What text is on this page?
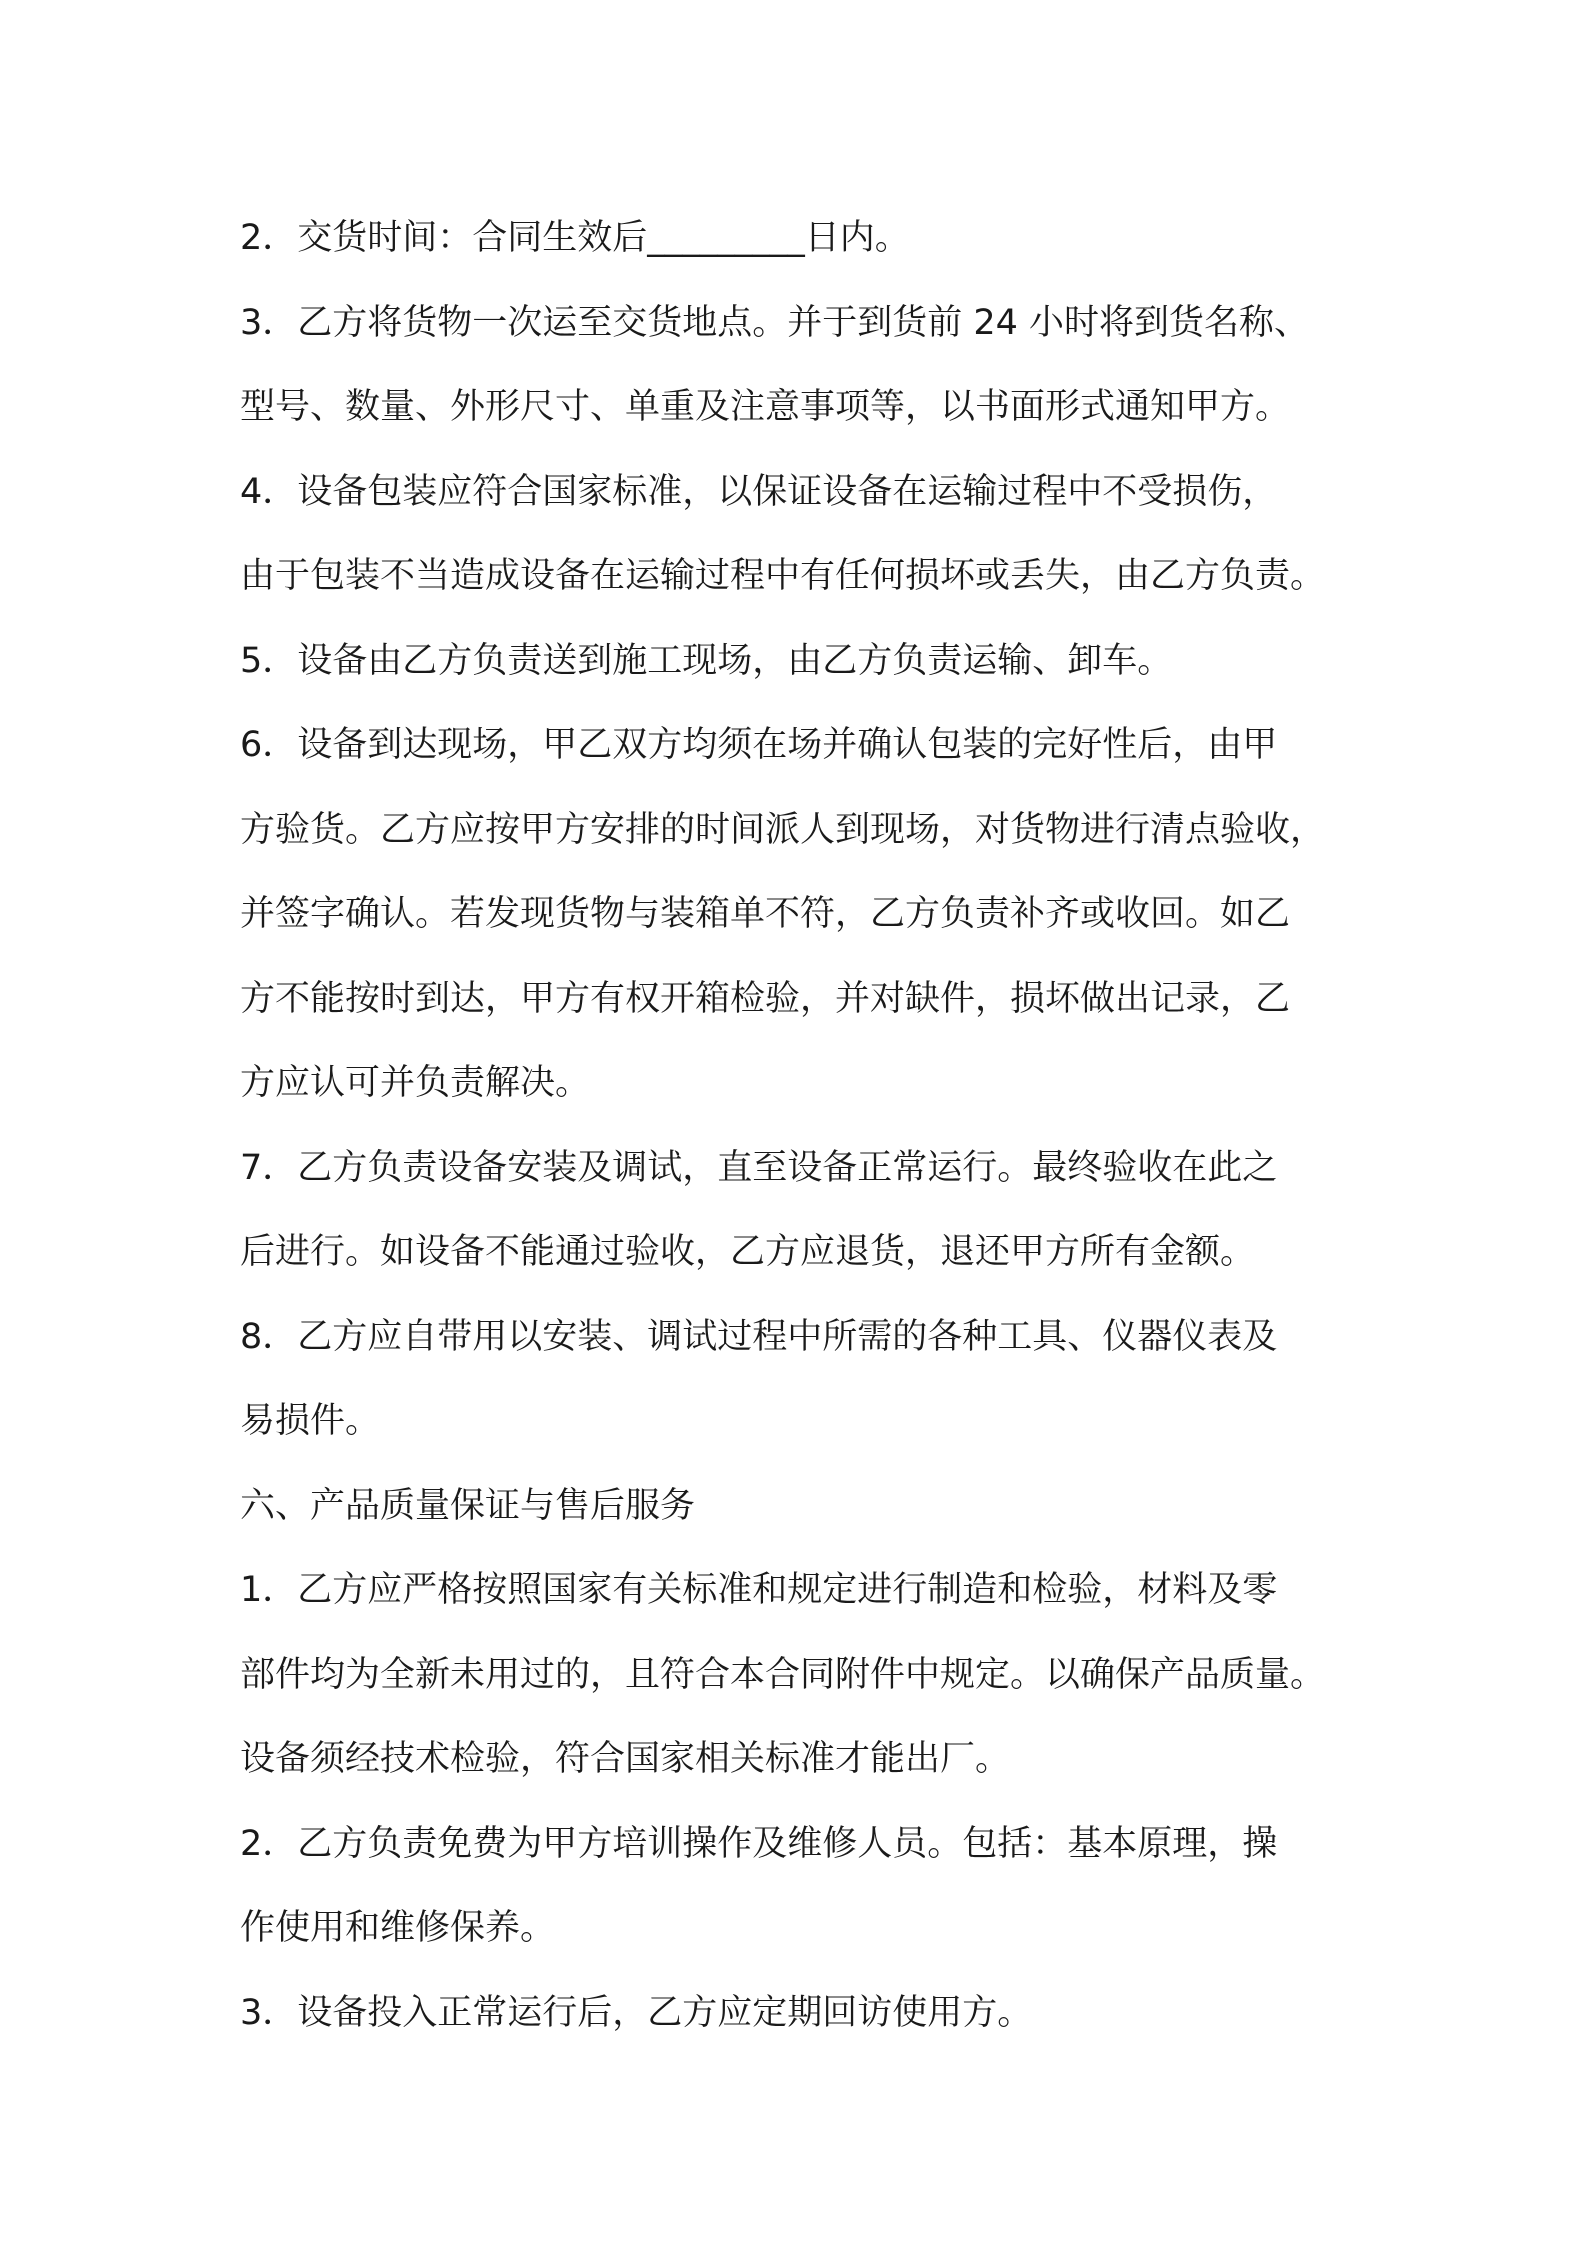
2．交货时间：合同生效后_________日内。

3．乙方将货物一次运至交货地点。并于到货前 24 小时将到货名称、
型号、数量、外形尺寸、单重及注意事项等，以书面形式通知甲方。

4．设备包装应符合国家标准，以保证设备在运输过程中不受损伤，
由于包装不当造成设备在运输过程中有任何损坏或丢失，由乙方负责。

5．设备由乙方负责送到施工现场，由乙方负责运输、卸车。

6．设备到达现场，甲乙双方均须在场并确认包装的完好性后，由甲
方验货。乙方应按甲方安排的时间派人到现场，对货物进行清点验收，
并签字确认。若发现货物与装箱单不符，乙方负责补齐或收回。如乙
方不能按时到达，甲方有权开箱检验，并对缺件，损坏做出记录，乙
方应认可并负责解决。

7．乙方负责设备安装及调试，直至设备正常运行。最终验收在此之
后进行。如设备不能通过验收，乙方应退货，退还甲方所有金额。

8．乙方应自带用以安装、调试过程中所需的各种工具、仪器仪表及
易损件。

六、产品质量保证与售后服务

1．乙方应严格按照国家有关标准和规定进行制造和检验，材料及零
部件均为全新未用过的，且符合本合同附件中规定。以确保产品质量。
设备须经技术检验，符合国家相关标准才能出厂。

2．乙方负责免费为甲方培训操作及维修人员。包括：基本原理，操
作使用和维修保养。

3．设备投入正常运行后，乙方应定期回访使用方。
